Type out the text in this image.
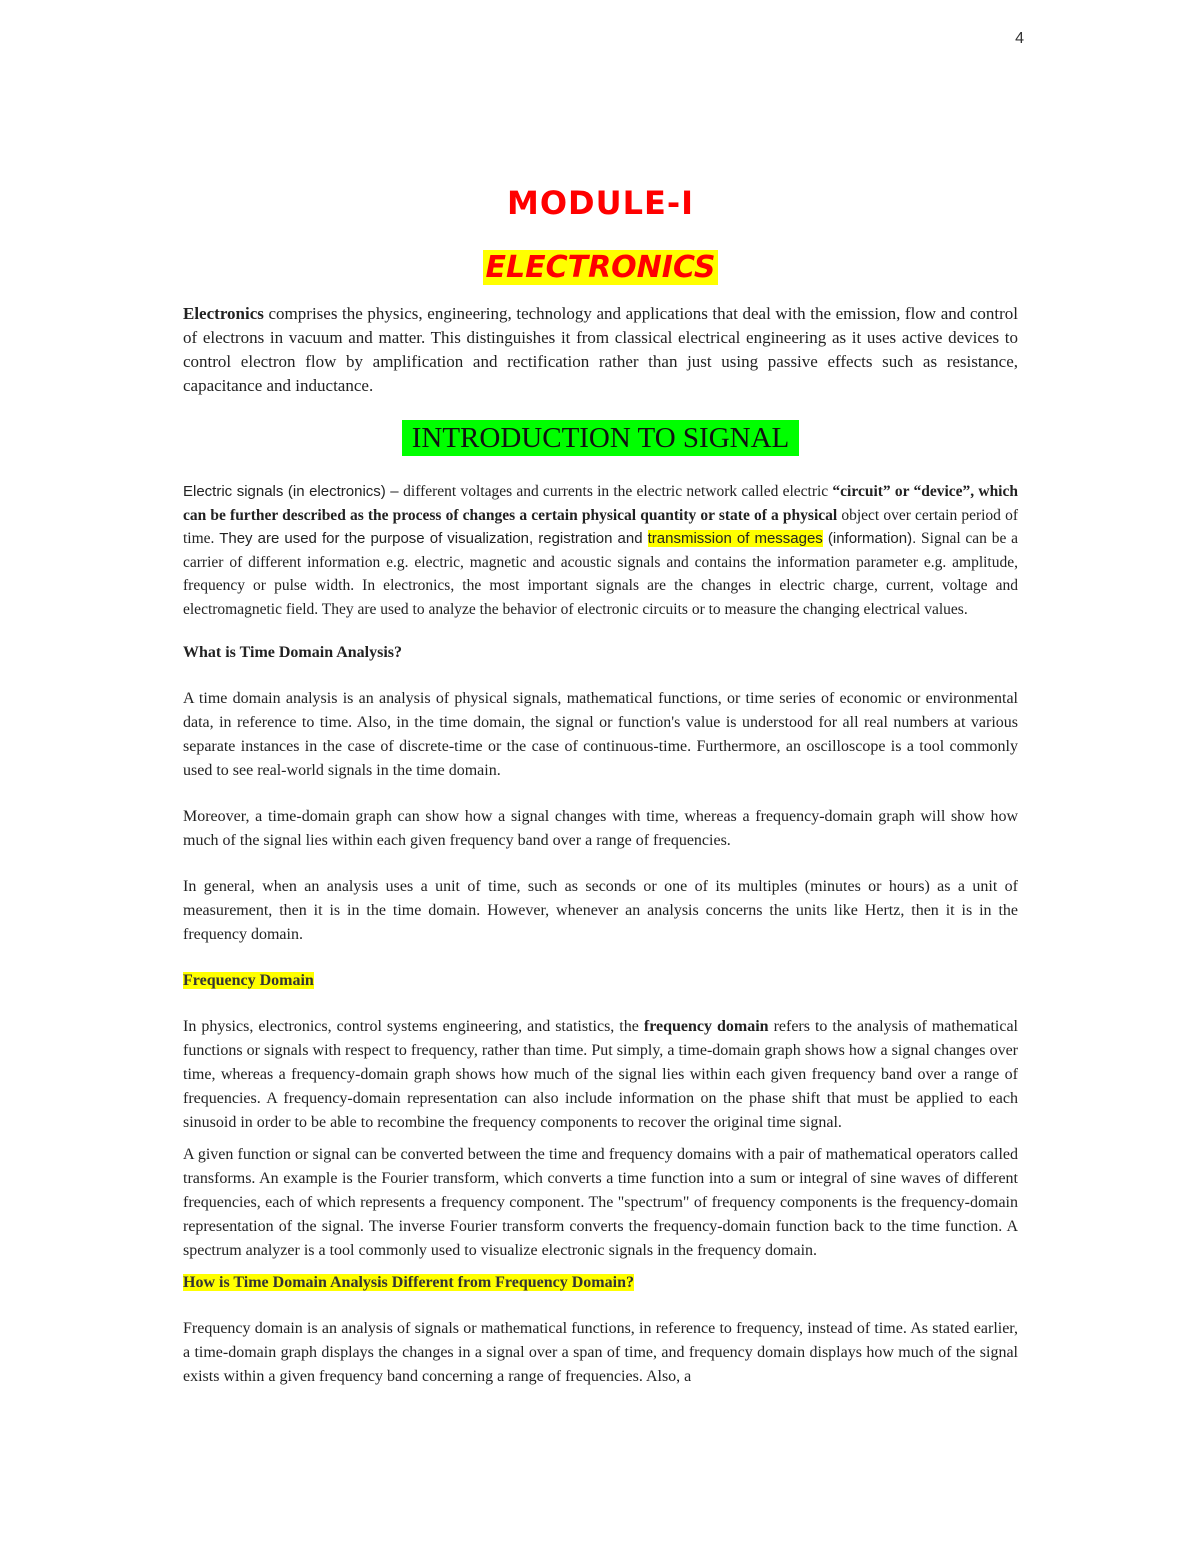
4
MODULE-I
ELECTRONICS

Electronics comprises the physics, engineering, technology and applications that deal with the emission, flow and control of electrons in vacuum and matter. This distinguishes it from classical electrical engineering as it uses active devices to control electron flow by amplification and rectification rather than just using passive effects such as resistance, capacitance and inductance.

INTRODUCTION TO SIGNAL

Electric signals (in electronics) – different voltages and currents in the electric network called electric “circuit” or “device”, which can be further described as the process of changes a certain physical quantity or state of a physical object over certain period of time. They are used for the purpose of visualization, registration and transmission of messages (information). Signal can be a carrier of different information e.g. electric, magnetic and acoustic signals and contains the information parameter e.g. amplitude, frequency or pulse width. In electronics, the most important signals are the changes in electric charge, current, voltage and electromagnetic field. They are used to analyze the behavior of electronic circuits or to measure the changing electrical values.

What is Time Domain Analysis?

A time domain analysis is an analysis of physical signals, mathematical functions, or time series of economic or environmental data, in reference to time. Also, in the time domain, the signal or function's value is understood for all real numbers at various separate instances in the case of discrete-time or the case of continuous-time. Furthermore, an oscilloscope is a tool commonly used to see real-world signals in the time domain.

Moreover, a time-domain graph can show how a signal changes with time, whereas a frequency-domain graph will show how much of the signal lies within each given frequency band over a range of frequencies.

In general, when an analysis uses a unit of time, such as seconds or one of its multiples (minutes or hours) as a unit of measurement, then it is in the time domain. However, whenever an analysis concerns the units like Hertz, then it is in the frequency domain.

Frequency Domain

In physics, electronics, control systems engineering, and statistics, the frequency domain refers to the analysis of mathematical functions or signals with respect to frequency, rather than time. Put simply, a time-domain graph shows how a signal changes over time, whereas a frequency-domain graph shows how much of the signal lies within each given frequency band over a range of frequencies. A frequency-domain representation can also include information on the phase shift that must be applied to each sinusoid in order to be able to recombine the frequency components to recover the original time signal.

A given function or signal can be converted between the time and frequency domains with a pair of mathematical operators called transforms. An example is the Fourier transform, which converts a time function into a sum or integral of sine waves of different frequencies, each of which represents a frequency component. The "spectrum" of frequency components is the frequency-domain representation of the signal. The inverse Fourier transform converts the frequency-domain function back to the time function. A spectrum analyzer is a tool commonly used to visualize electronic signals in the frequency domain.

How is Time Domain Analysis Different from Frequency Domain?

Frequency domain is an analysis of signals or mathematical functions, in reference to frequency, instead of time. As stated earlier, a time-domain graph displays the changes in a signal over a span of time, and frequency domain displays how much of the signal exists within a given frequency band concerning a range of frequencies. Also, a
